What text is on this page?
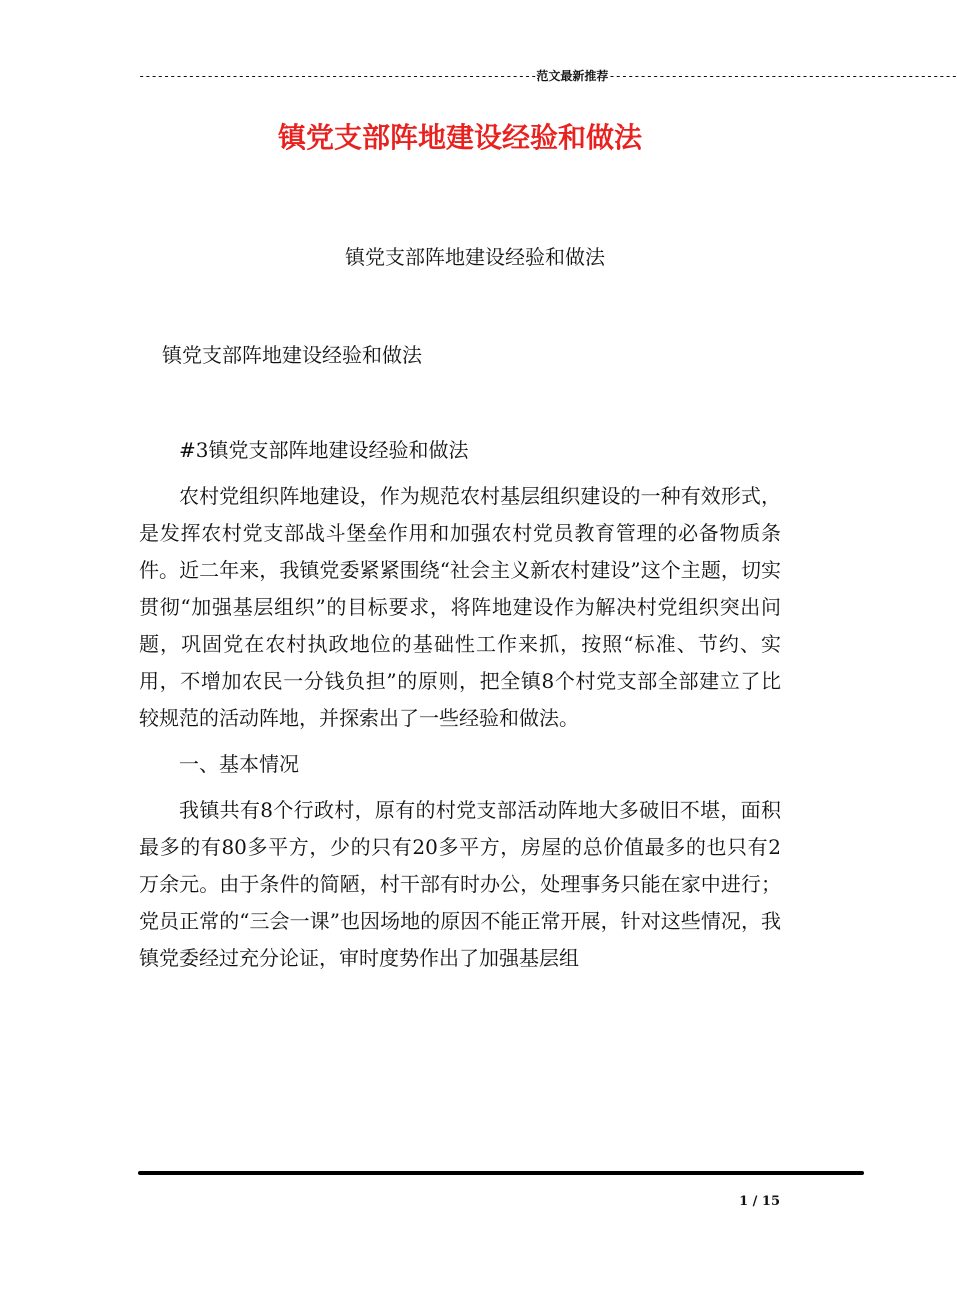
----------------------------------------------------------------范文最新推荐--------------------------------------------------------
镇党支部阵地建设经验和做法
镇党支部阵地建设经验和做法
镇党支部阵地建设经验和做法

#3镇党支部阵地建设经验和做法

农村党组织阵地建设，作为规范农村基层组织建设的一种有效形式，是发挥农村党支部战斗堡垒作用和加强农村党员教育管理的必备物质条件。近二年来，我镇党委紧紧围绕“社会主义新农村建设”这个主题，切实贯彻“加强基层组织”的目标要求，将阵地建设作为解决村党组织突出问题，巩固党在农村执政地位的基础性工作来抓，按照“标准、节约、实用，不增加农民一分钱负担”的原则，把全镇8个村党支部全部建立了比较规范的活动阵地，并探索出了一些经验和做法。

一、基本情况

我镇共有8个行政村，原有的村党支部活动阵地大多破旧不堪，面积最多的有80多平方，少的只有20多平方，房屋的总价值最多的也只有2万余元。由于条件的简陋，村干部有时办公，处理事务只能在家中进行；党员正常的“三会一课”也因场地的原因不能正常开展，针对这些情况，我镇党委经过充分论证，审时度势作出了加强基层组

1 / 15
